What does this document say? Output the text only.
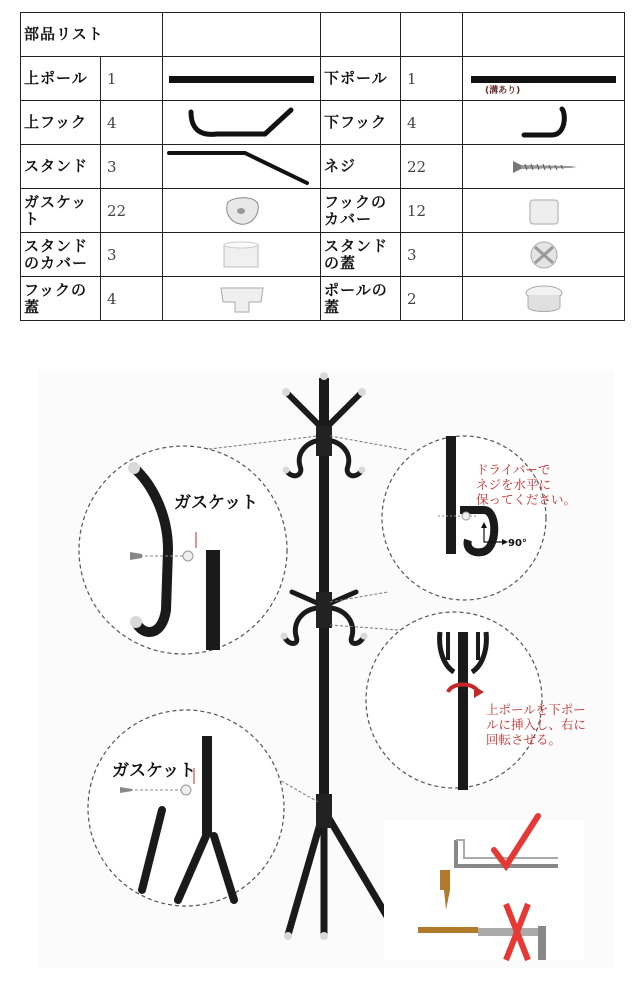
部品リスト					
上ポール	1		下ポール	1	(溝あり)

上フック	4		下フック	4	

スタンド	3		ネジ	22	

ガスケット	22		フックのカバー	12	

スタンドのカバー	3		スタンドの蓋	3	

フックの蓋	4		ポールの蓋	2	
ガスケット
90°
ドライバーで
ネジを水平に
保ってください。
上ポールを下ポー
ルに挿入し、右に
回転させる。
ガスケット
